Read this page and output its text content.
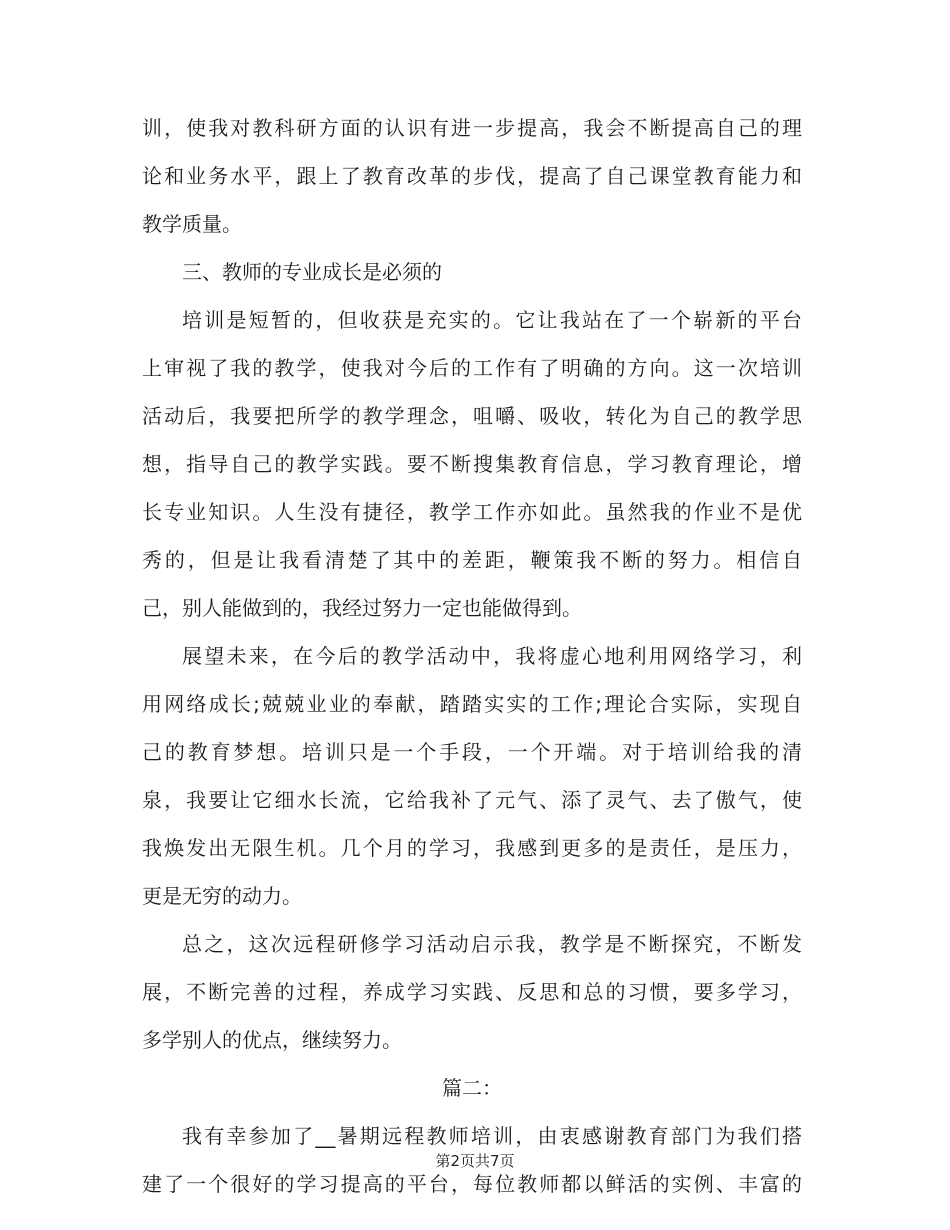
训，使我对教科研方面的认识有进一步提高，我会不断提高自己的理
论和业务水平，跟上了教育改革的步伐，提高了自己课堂教育能力和
教学质量。
三、教师的专业成长是必须的
培训是短暂的，但收获是充实的。它让我站在了一个崭新的平台
上审视了我的教学，使我对今后的工作有了明确的方向。这一次培训
活动后，我要把所学的教学理念，咀嚼、吸收，转化为自己的教学思
想，指导自己的教学实践。要不断搜集教育信息，学习教育理论，增
长专业知识。人生没有捷径，教学工作亦如此。虽然我的作业不是优
秀的，但是让我看清楚了其中的差距，鞭策我不断的努力。相信自
己，别人能做到的，我经过努力一定也能做得到。
展望未来，在今后的教学活动中，我将虚心地利用网络学习，利
用网络成长;兢兢业业的奉献，踏踏实实的工作;理论合实际，实现自
己的教育梦想。培训只是一个手段，一个开端。对于培训给我的清
泉，我要让它细水长流，它给我补了元气、添了灵气、去了傲气，使
我焕发出无限生机。几个月的学习，我感到更多的是责任，是压力，
更是无穷的动力。
总之，这次远程研修学习活动启示我，教学是不断探究，不断发
展，不断完善的过程，养成学习实践、反思和总的习惯，要多学习，
多学别人的优点，继续努力。
篇二：
我有幸参加了__暑期远程教师培训，由衷感谢教育部门为我们搭
建了一个很好的学习提高的平台，每位教师都以鲜活的实例、丰富的
第2页共7页
